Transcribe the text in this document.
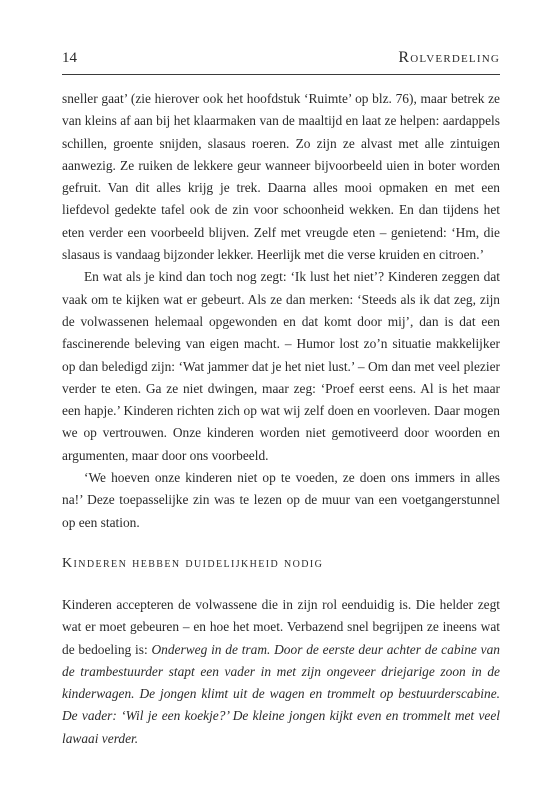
14	Rolverdeling

sneller gaat’ (zie hierover ook het hoofdstuk ‘Ruimte’ op blz. 76), maar betrek ze van kleins af aan bij het klaarmaken van de maaltijd en laat ze helpen: aardappels schillen, groente snijden, slasaus roeren. Zo zijn ze alvast met alle zintuigen aanwezig. Ze ruiken de lekkere geur wanneer bijvoorbeeld uien in boter worden gefruit. Van dit alles krijg je trek. Daarna alles mooi opmaken en met een liefdevol gedekte tafel ook de zin voor schoonheid wekken. En dan tijdens het eten verder een voorbeeld blijven. Zelf met vreugde eten – genietend: ‘Hm, die slasaus is vandaag bijzonder lekker. Heerlijk met die verse kruiden en citroen.’

En wat als je kind dan toch nog zegt: ‘Ik lust het niet’? Kinderen zeggen dat vaak om te kijken wat er gebeurt. Als ze dan merken: ‘Steeds als ik dat zeg, zijn de volwassenen helemaal opgewonden en dat komt door mij’, dan is dat een fascinerende beleving van eigen macht. – Humor lost zo’n situatie makkelijker op dan beledigd zijn: ‘Wat jammer dat je het niet lust.’ – Om dan met veel plezier verder te eten. Ga ze niet dwingen, maar zeg: ‘Proef eerst eens. Al is het maar een hapje.’ Kinderen richten zich op wat wij zelf doen en voorleven. Daar mogen we op vertrouwen. Onze kinderen worden niet gemotiveerd door woorden en argumenten, maar door ons voorbeeld.

‘We hoeven onze kinderen niet op te voeden, ze doen ons immers in alles na!’ Deze toepasselijke zin was te lezen op de muur van een voetgangerstunnel op een station.

Kinderen hebben duidelijkheid nodig

Kinderen accepteren de volwassene die in zijn rol eenduidig is. Die helder zegt wat er moet gebeuren – en hoe het moet. Verbazend snel begrijpen ze ineens wat de bedoeling is: Onderweg in de tram. Door de eerste deur achter de cabine van de trambestuurder stapt een vader in met zijn ongeveer driejarige zoon in de kinderwagen. De jongen klimt uit de wagen en trommelt op bestuurderscabine. De vader: ‘Wil je een koekje?’ De kleine jongen kijkt even en trommelt met veel lawaai verder.
